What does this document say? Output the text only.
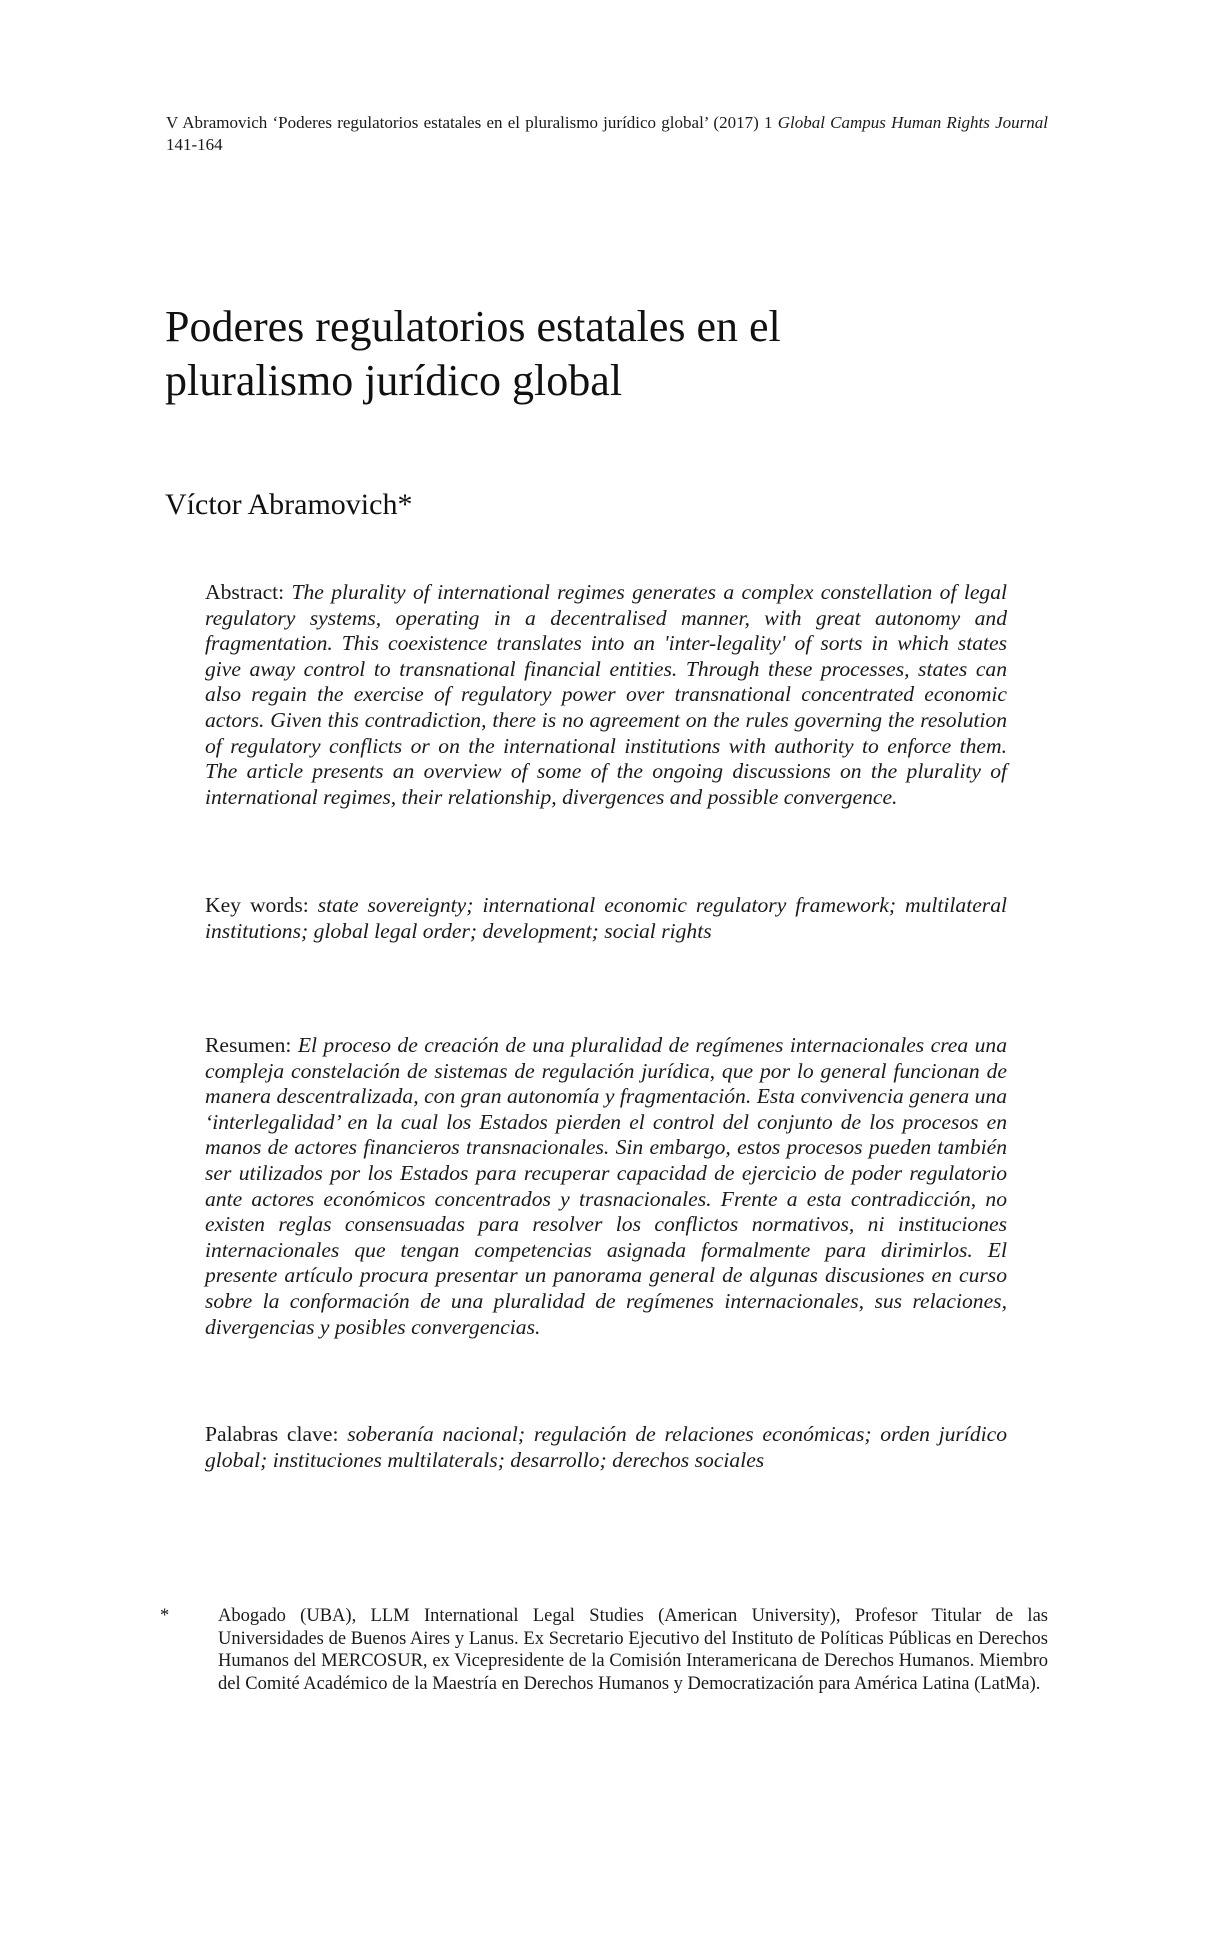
V Abramovich ‘Poderes regulatorios estatales en el pluralismo jurídico global’ (2017) 1 Global Campus Human Rights Journal 141-164
Poderes regulatorios estatales en el pluralismo jurídico global
Víctor Abramovich*
Abstract: The plurality of international regimes generates a complex constellation of legal regulatory systems, operating in a decentralised manner, with great autonomy and fragmentation. This coexistence translates into an 'inter-legality' of sorts in which states give away control to transnational financial entities. Through these processes, states can also regain the exercise of regulatory power over transnational concentrated economic actors. Given this contradiction, there is no agreement on the rules governing the resolution of regulatory conflicts or on the international institutions with authority to enforce them. The article presents an overview of some of the ongoing discussions on the plurality of international regimes, their relationship, divergences and possible convergence.
Key words: state sovereignty; international economic regulatory framework; multilateral institutions; global legal order; development; social rights
Resumen: El proceso de creación de una pluralidad de regímenes internacionales crea una compleja constelación de sistemas de regulación jurídica, que por lo general funcionan de manera descentralizada, con gran autonomía y fragmentación. Esta convivencia genera una ‘interlegalidad’ en la cual los Estados pierden el control del conjunto de los procesos en manos de actores financieros transnacionales. Sin embargo, estos procesos pueden también ser utilizados por los Estados para recuperar capacidad de ejercicio de poder regulatorio ante actores económicos concentrados y trasnacionales. Frente a esta contradicción, no existen reglas consensuadas para resolver los conflictos normativos, ni instituciones internacionales que tengan competencias asignada formalmente para dirimirlos. El presente artículo procura presentar un panorama general de algunas discusiones en curso sobre la conformación de una pluralidad de regímenes internacionales, sus relaciones, divergencias y posibles convergencias.
Palabras clave: soberanía nacional; regulación de relaciones económicas; orden jurídico global; instituciones multilaterals; desarrollo; derechos sociales
*	Abogado (UBA), LLM International Legal Studies (American University), Profesor Titular de las Universidades de Buenos Aires y Lanus. Ex Secretario Ejecutivo del Instituto de Políticas Públicas en Derechos Humanos del MERCOSUR, ex Vicepresidente de la Comisión Interamericana de Derechos Humanos. Miembro del Comité Académico de la Maestría en Derechos Humanos y Democratización para América Latina (LatMa).
